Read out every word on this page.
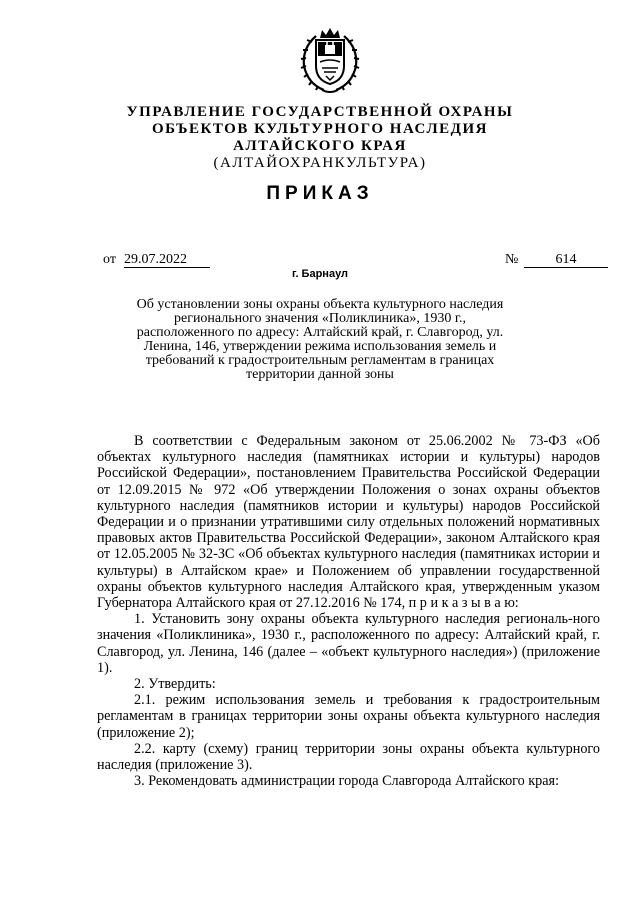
УПРАВЛЕНИЕ ГОСУДАРСТВЕННОЙ ОХРАНЫ
ОБЪЕКТОВ КУЛЬТУРНОГО НАСЛЕДИЯ
АЛТАЙСКОГО КРАЯ
(АЛТАЙОХРАНКУЛЬТУРА)
ПРИКАЗ
от 29.07.2022	№	614
г. Барнаул
Об установлении зоны охраны объекта культурного наследия регионального значения «Поликлиника», 1930 г., расположенного по адресу: Алтайский край, г. Славгород, ул. Ленина, 146, утверждении режима использования земель и требований к градостроительным регламентам в границах территории данной зоны

В соответствии с Федеральным законом от 25.06.2002 № 73-ФЗ «Об объектах культурного наследия (памятниках истории и культуры) народов Российской Федерации», постановлением Правительства Российской Федерации от 12.09.2015 № 972 «Об утверждении Положения о зонах охраны объектов культурного наследия (памятников истории и культуры) народов Российской Федерации и о признании утратившими силу отдельных положений нормативных правовых актов Правительства Российской Федерации», законом Алтайского края от 12.05.2005 № 32-ЗС «Об объектах культурного наследия (памятниках истории и культуры) в Алтайском крае» и Положением об управлении государственной охраны объектов культурного наследия Алтайского края, утвержденным указом Губернатора Алтайского края от 27.12.2016 № 174, п р и к а з ы в а ю:

1. Установить зону охраны объекта культурного наследия региональ-ного значения «Поликлиника», 1930 г., расположенного по адресу: Алтайский край, г. Славгород, ул. Ленина, 146 (далее – «объект культурного наследия») (приложение 1).

2. Утвердить:

2.1. режим использования земель и требования к градостроительным регламентам в границах территории зоны охраны объекта культурного наследия (приложение 2);

2.2. карту (схему) границ территории зоны охраны объекта культурного наследия (приложение 3).

3. Рекомендовать администрации города Славгорода Алтайского края:
